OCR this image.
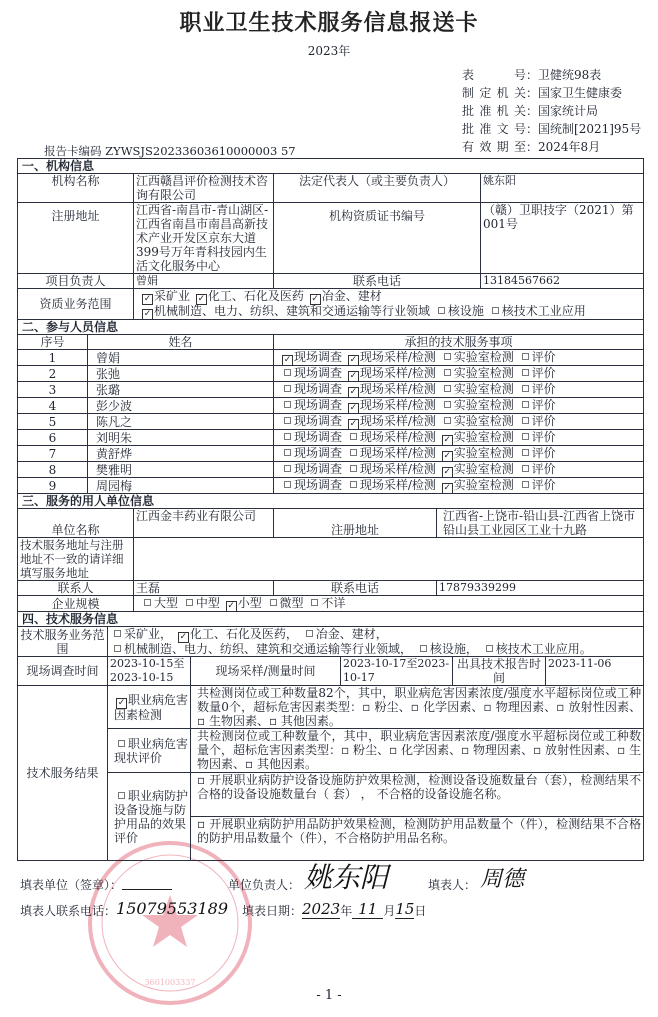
职业卫生技术服务信息报送卡
2023年
表　　号：卫健统98表
制定机关：国家卫生健康委
批准机关：国家统计局
批准文号：国统制[2021]95号
有效期至：2024年8月
报告卡编码 ZYWSJS20233603610000003 57
3601003337
一、机构信息			
机构名称	江西赣昌评价检测技术咨询有限公司	法定代表人（或主要负责人）	姚东阳
注册地址	江西省-南昌市-青山湖区-江西省南昌市南昌高新技术产业开发区京东大道399号万年青科技园内生活文化服务中心	机构资质证书编号	（赣）卫职技字（2021）第001号
项目负责人	曾娟	联系电话	13184567662
资质业务范围	✓ 采矿业 ✓ 化工、石化及医药 ✓ 冶金、建材 ✓ 机械制造、电力、纺织、建筑和交通运输等行业领域 核设施 核技术工业应用		
二、参与人员信息		
序号	姓名	承担的技术服务事项
1	曾娟	✓ 现场调查 ✓ 现场采样/检测 实验室检测 评价
2	张弛	现场调查 ✓ 现场采样/检测 实验室检测 评价
3	张璐	现场调查 ✓ 现场采样/检测 实验室检测 评价
4	彭少波	现场调查 ✓ 现场采样/检测 实验室检测 评价
5	陈凡之	现场调查 ✓ 现场采样/检测 实验室检测 评价
6	刘明朱	现场调查 现场采样/检测 ✓ 实验室检测 评价
7	黄舒烨	现场调查 现场采样/检测 ✓ 实验室检测 评价
8	樊雅明	现场调查 现场采样/检测 ✓ 实验室检测 评价
9	周园梅	现场调查 现场采样/检测 ✓ 实验室检测 评价
三、服务的用人单位信息			
单位名称	江西金丰药业有限公司	注册地址	江西省-上饶市-铅山县-江西省上饶市铅山县工业园区工业十九路
技术服务地址与注册地址不一致的请详细填写服务地址			
联系人	王磊	联系电话	17879339299
企业规模	大型 中型 ✓ 小型 微型 不详		
四、技术服务信息					
技术服务业务范围	采矿业， ✓ 化工、石化及医药， 冶金、建材， 机械制造、电力、纺织、建筑和交通运输等行业领域， 核设施， 核技术工业应用。				
现场调查时间	2023-10-15至2023-10-15	现场采样/测量时间	2023-10-17至2023-10-17	出具技术报告时间	2023-11-06
技术服务结果	✓ 职业病危害因素检测	共检测岗位或工种数量82个，其中，职业病危害因素浓度/强度水平超标岗位或工种数量0个，超标危害因素类型：▫ 粉尘、▫ 化学因素、▫ 物理因素、▫ 放射性因素、▫ 生物因素、▫ 其他因素。			
	职业病危害现状评价	共检测岗位或工种数量个，其中，职业病危害因素浓度/强度水平超标岗位或工种数量个，超标危害因素类型：▫ 粉尘、▫ 化学因素、▫ 物理因素、▫ 放射性因素、▫ 生物因素、▫ 其他因素。			
	职业病防护设备设施与防护用品的效果评价	▫ 开展职业病防护设备设施防护效果检测，检测设备设施数量台（套），检测结果不合格的设备设施数量台（ 套） ， 不合格的设备设施名称。			
		▫ 开展职业病防护用品防护效果检测，检测防护用品数量个（件），检测结果不合格的防护用品数量个（件），不合格防护用品名称。			
填表单位（签章）：	单位负责人： 姚东阳	填表人： 周德
填表人联系电话： 15079553189 填表日期： 2023 年 11 月 15 日
- 1 -
